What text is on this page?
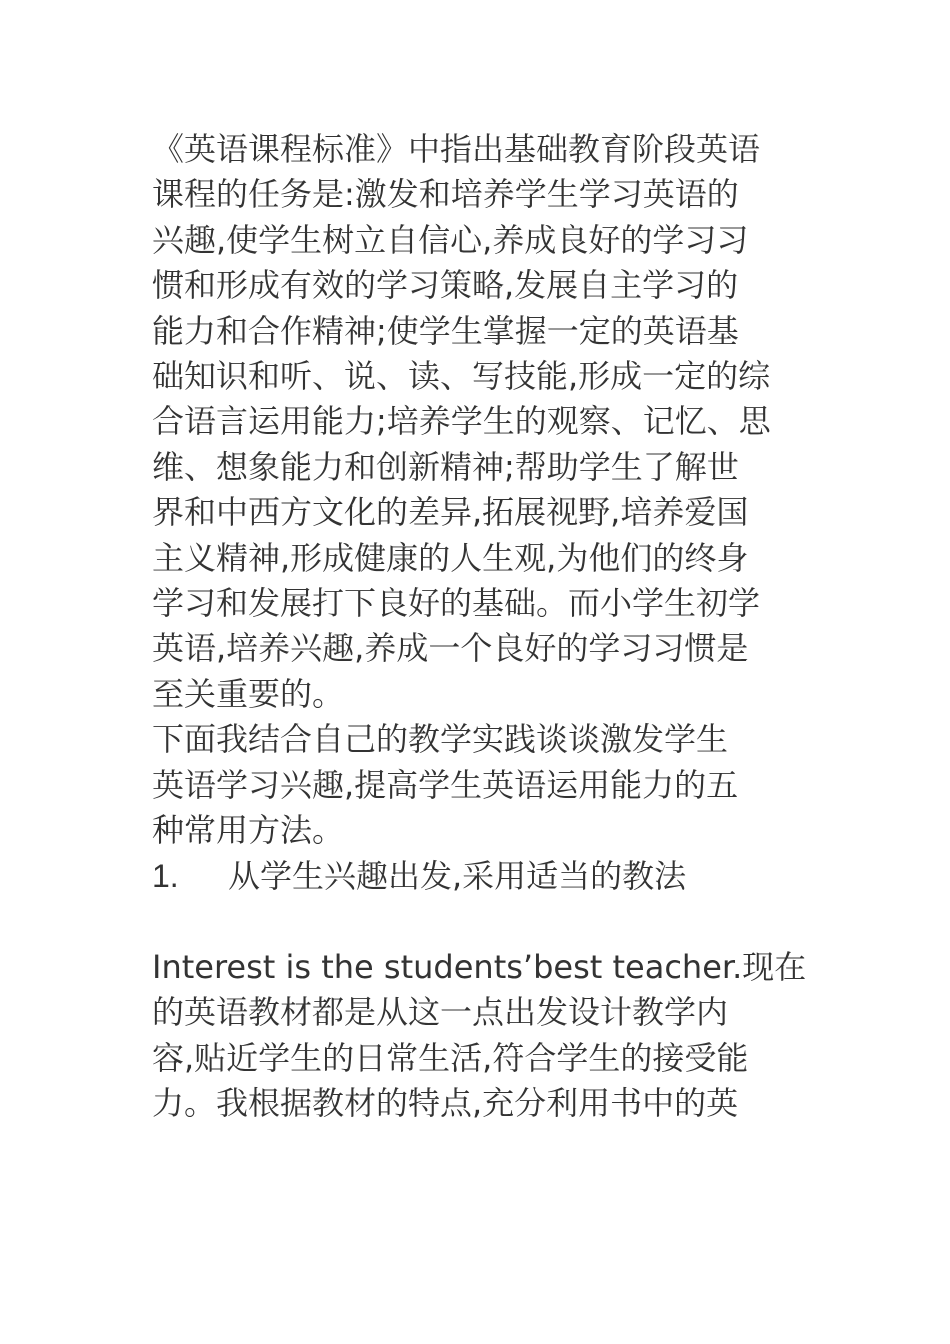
《英语课程标准》中指出基础教育阶段英语
课程的任务是:激发和培养学生学习英语的
兴趣,使学生树立自信心,养成良好的学习习
惯和形成有效的学习策略,发展自主学习的
能力和合作精神;使学生掌握一定的英语基
础知识和听、说、读、写技能,形成一定的综
合语言运用能力;培养学生的观察、记忆、思
维、想象能力和创新精神;帮助学生了解世
界和中西方文化的差异,拓展视野,培养爱国
主义精神,形成健康的人生观,为他们的终身
学习和发展打下良好的基础。而小学生初学
英语,培养兴趣,养成一个良好的学习习惯是
至关重要的。

下面我结合自己的教学实践谈谈激发学生
英语学习兴趣,提高学生英语运用能力的五
种常用方法。

1.	从学生兴趣出发,采用适当的教法

Interest is the students’best teacher.现在
的英语教材都是从这一点出发设计教学内
容,贴近学生的日常生活,符合学生的接受能
力。我根据教材的特点,充分利用书中的英
